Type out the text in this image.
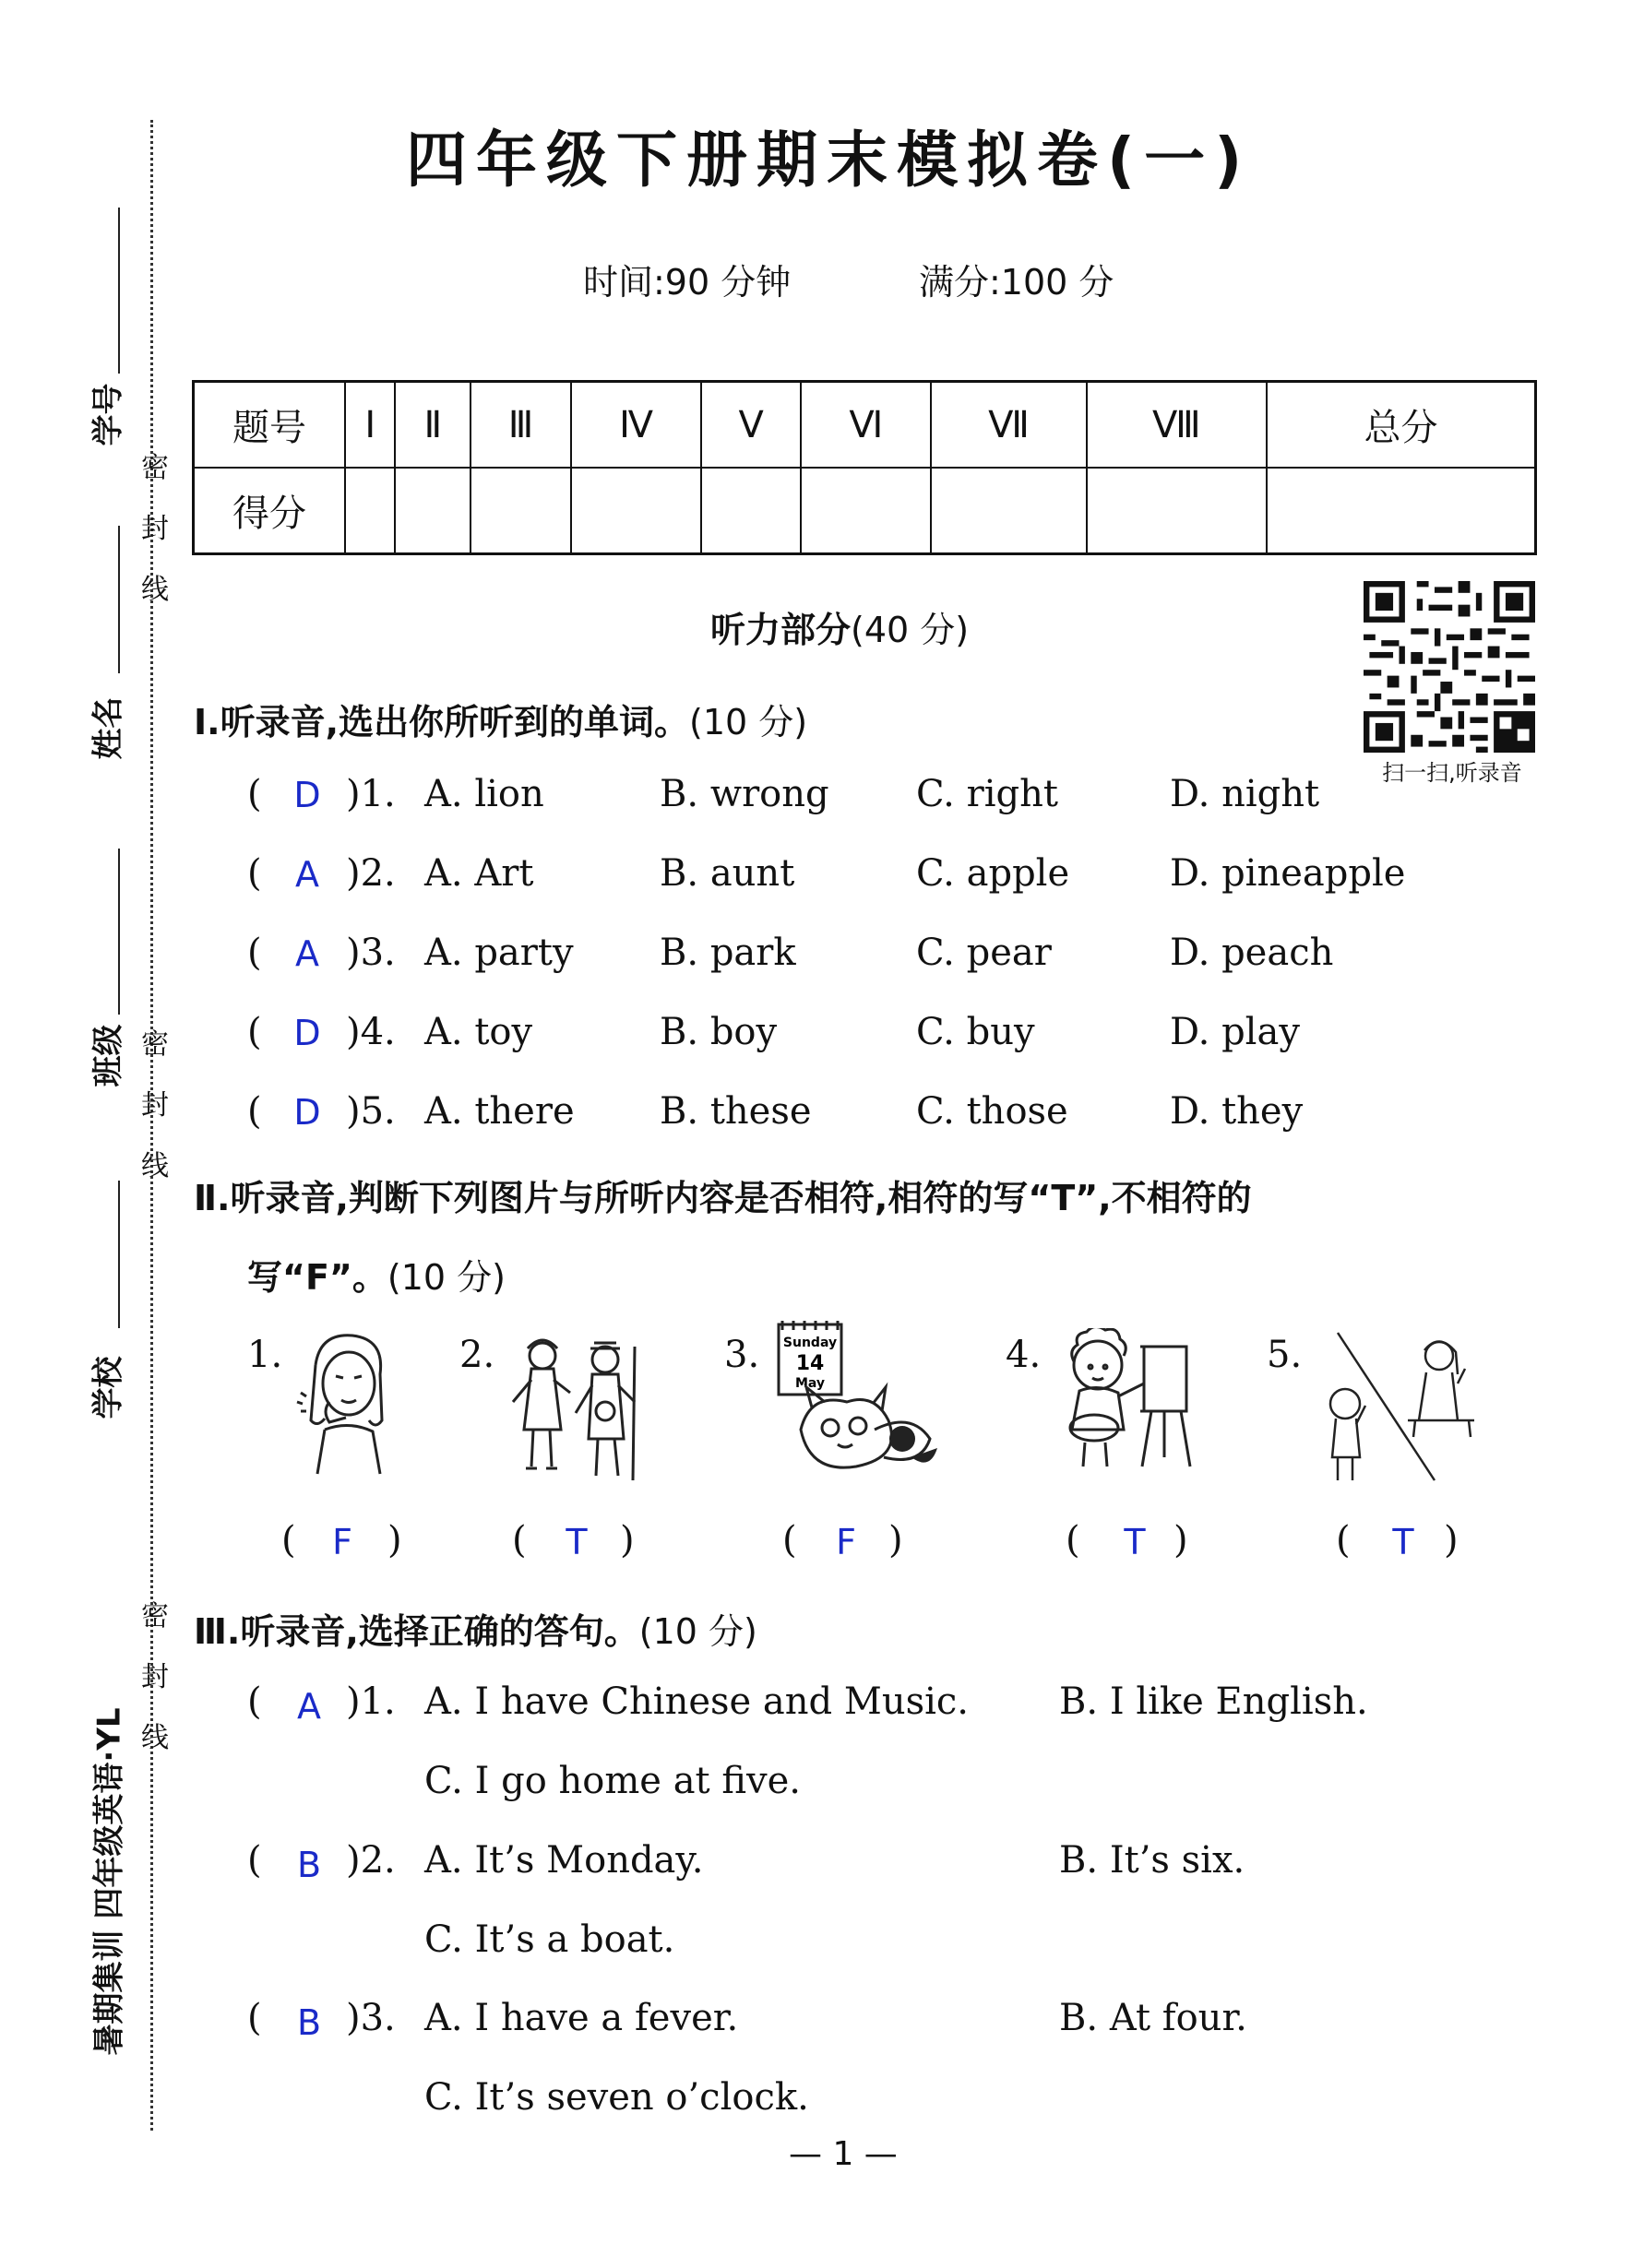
学号
姓名
班级
学校
密
封
线
密
封
线
密
封
线
暑期集训 四年级英语·YL
四年级下册期末模拟卷(一)
时间:90 分钟	满分:100 分
题号	Ⅰ	Ⅱ	Ⅲ	Ⅳ	Ⅴ	Ⅵ	Ⅶ	Ⅷ	总分
得分									
扫一扫,听录音
听力部分(40 分)
Ⅰ.听录音,选出你所听到的单词。(10 分)
( D )1. A. lion	B. wrong C. right	D. night
( A )2. A. Art	B. aunt	C. apple	D. pineapple
( A )3. A. party B. park	C. pear	D. peach
( D )4. A. toy	B. boy	C. buy	D. play
( D )5. A. there B. these	C. those	D. they
Ⅱ.听录音,判断下列图片与所听内容是否相符,相符的写“T”,不相符的
写“F”。(10 分)
1.	2.	3.	4.	5.
Sunday
14
May
(	F )	(	T )	(	F )	(	T )	(	T )
Ⅲ.听录音,选择正确的答句。(10 分)
(	A )1. A. I have Chinese and Music. B. I like English.
C. I go home at five.
(	B )2. A. It’s Monday.	B. It’s six.
C. It’s a boat.
(	B )3. A. I have a fever.	B. At four.
C. It’s seven o’clock.
— 1 —
